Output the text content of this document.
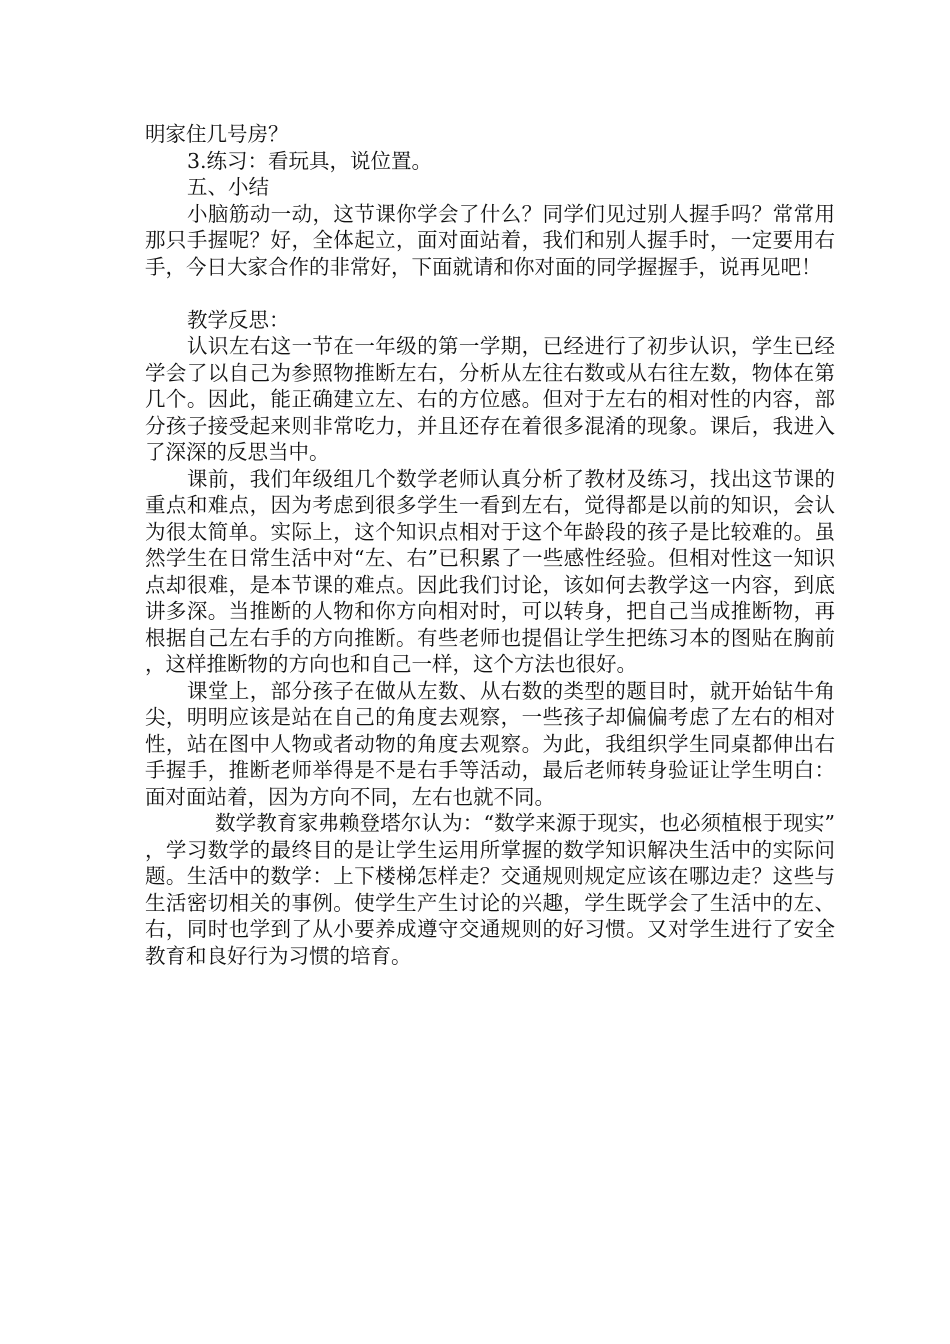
明家住几号房？

3.练习：看玩具，说位置。

五、小结

小脑筋动一动，这节课你学会了什么？同学们见过别人握手吗？常常用那只手握呢？好，全体起立，面对面站着，我们和别人握手时，一定要用右手，今日大家合作的非常好，下面就请和你对面的同学握握手，说再见吧！

教学反思：

认识左右这一节在一年级的第一学期，已经进行了初步认识，学生已经学会了以自己为参照物推断左右，分析从左往右数或从右往左数，物体在第几个。因此，能正确建立左、右的方位感。但对于左右的相对性的内容，部分孩子接受起来则非常吃力，并且还存在着很多混淆的现象。课后，我进入了深深的反思当中。

课前，我们年级组几个数学老师认真分析了教材及练习，找出这节课的重点和难点，因为考虑到很多学生一看到左右，觉得都是以前的知识，会认为很太简单。实际上，这个知识点相对于这个年龄段的孩子是比较难的。虽然学生在日常生活中对“左、右”已积累了一些感性经验。但相对性这一知识点却很难，是本节课的难点。因此我们讨论，该如何去教学这一内容，到底讲多深。当推断的人物和你方向相对时，可以转身，把自己当成推断物，再根据自己左右手的方向推断。有些老师也提倡让学生把练习本的图贴在胸前，这样推断物的方向也和自己一样，这个方法也很好。

课堂上，部分孩子在做从左数、从右数的类型的题目时，就开始钻牛角尖，明明应该是站在自己的角度去观察，一些孩子却偏偏考虑了左右的相对性，站在图中人物或者动物的角度去观察。为此，我组织学生同桌都伸出右手握手，推断老师举得是不是右手等活动，最后老师转身验证让学生明白：面对面站着，因为方向不同，左右也就不同。

数学教育家弗赖登塔尔认为：“数学来源于现实，也必须植根于现实”，学习数学的最终目的是让学生运用所掌握的数学知识解决生活中的实际问题。生活中的数学：上下楼梯怎样走？交通规则规定应该在哪边走？这些与生活密切相关的事例。使学生产生讨论的兴趣，学生既学会了生活中的左、右，同时也学到了从小要养成遵守交通规则的好习惯。又对学生进行了安全教育和良好行为习惯的培育。
